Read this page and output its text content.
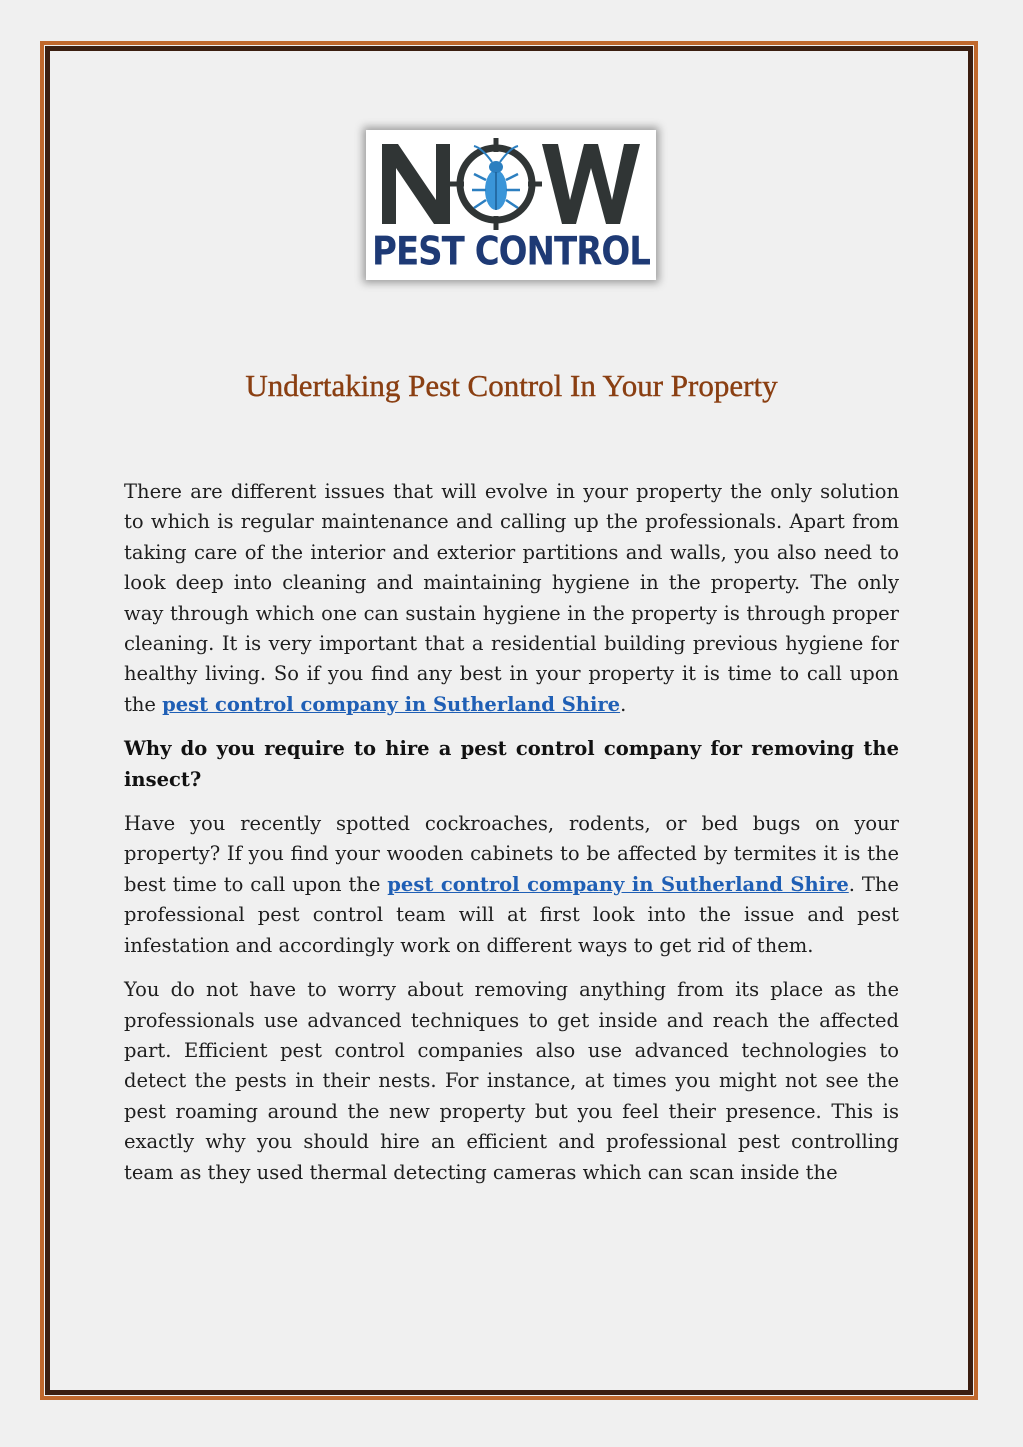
PEST CONTROL
Undertaking Pest Control In Your Property

There are different issues that will evolve in your property the only solution to which is regular maintenance and calling up the professionals. Apart from taking care of the interior and exterior partitions and walls, you also need to look deep into cleaning and maintaining hygiene in the property. The only way through which one can sustain hygiene in the property is through proper cleaning. It is very important that a residential building previous hygiene for healthy living. So if you find any best in your property it is time to call upon the pest control company in Sutherland Shire.

Why do you require to hire a pest control company for removing the insect?

Have you recently spotted cockroaches, rodents, or bed bugs on your property? If you find your wooden cabinets to be affected by termites it is the best time to call upon the pest control company in Sutherland Shire. The professional pest control team will at first look into the issue and pest infestation and accordingly work on different ways to get rid of them.

You do not have to worry about removing anything from its place as the professionals use advanced techniques to get inside and reach the affected part. Efficient pest control companies also use advanced technologies to detect the pests in their nests. For instance, at times you might not see the pest roaming around the new property but you feel their presence. This is exactly why you should hire an efficient and professional pest controlling team as they used thermal detecting cameras which can scan inside the
